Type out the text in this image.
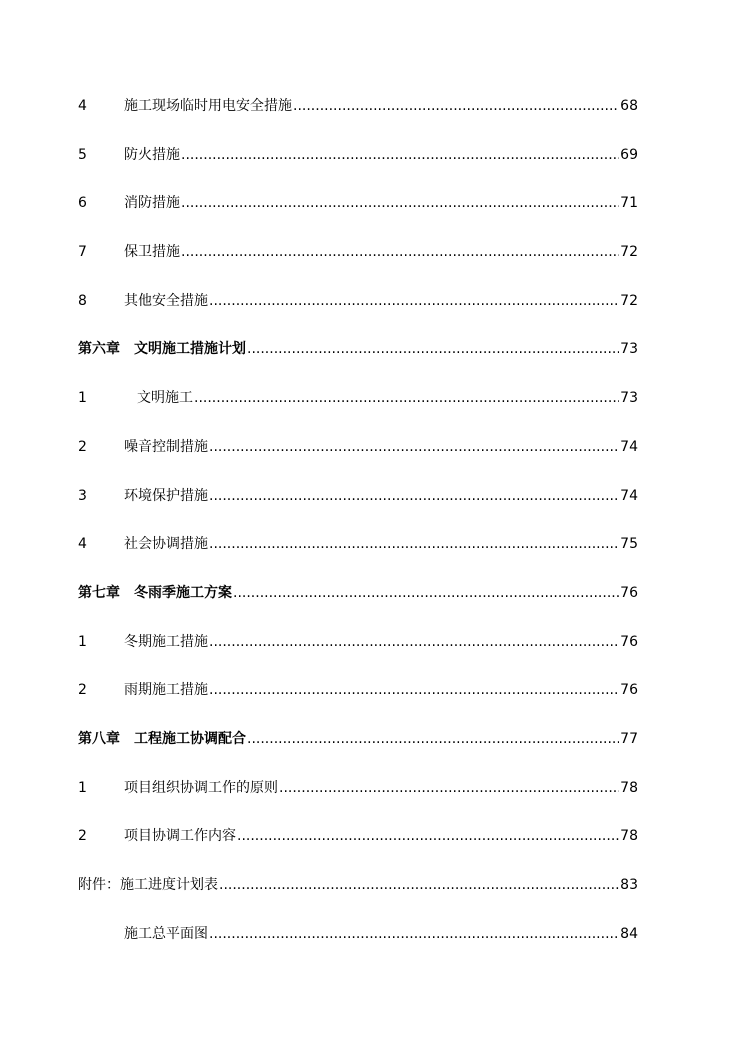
4	施工现场临时用电安全措施 .....	68
5	防火措施 .....	69
6	消防措施 .....	71
7	保卫措施 .....	72
8	其他安全措施 .....	72
第六章 文明施工措施计划 .....	73
1	文明施工 .....	73
2	噪音控制措施 .....	74
3	环境保护措施 .....	74
4	社会协调措施 .....	75
第七章 冬雨季施工方案 .....	76
1	冬期施工措施 .....	76
2	雨期施工措施 .....	76
第八章 工程施工协调配合 .....	77
1	项目组织协调工作的原则 .....	78
2	项目协调工作内容 .....	78
附件： 施工进度计划表 .....	83
施工总平面图 .....	84
